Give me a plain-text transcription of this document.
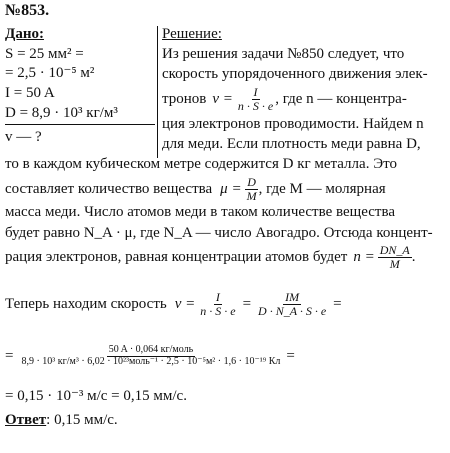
№853.
Дано:
S = 25 мм² =
= 2,5 · 10⁻⁵ м²
I = 50 A
D = 8,9 · 10³ кг/м³
v — ?
Решение:
Из решения задачи №850 следует, что
скорость упорядоченного движения элек-
тронов $v = \frac{I}{n \cdot S \cdot e}$ , где n — концентра-
ция электронов проводимости. Найдем n
для меди. Если плотность меди равна D,
то в каждом кубическом метре содержится D кг металла. Это
составляет количество вещества $\mu = \frac{D}{M}$ , где M — молярная
масса меди. Число атомов меди в таком количестве вещества
будет равно N_A · μ, где N_A — число Авогадро. Отсюда концент-
рация электронов, равная концентрации атомов будет $n = \frac{DN\_A}{M}$ .
Теперь находим скорость $v = \frac{I}{n \cdot S \cdot e} = \frac{IM}{D \cdot N\_A \cdot S \cdot e}$ =
=	50 A · 0,064 кг/моль
8,9 · 10³ кг/м³ · 6,02 · 10²³моль⁻¹ · 2,5 · 10⁻⁵м² · 1,6 · 10⁻¹⁹ Кл =
= 0,15 · 10⁻³ м/с = 0,15 мм/с.
Ответ: 0,15 мм/с.
